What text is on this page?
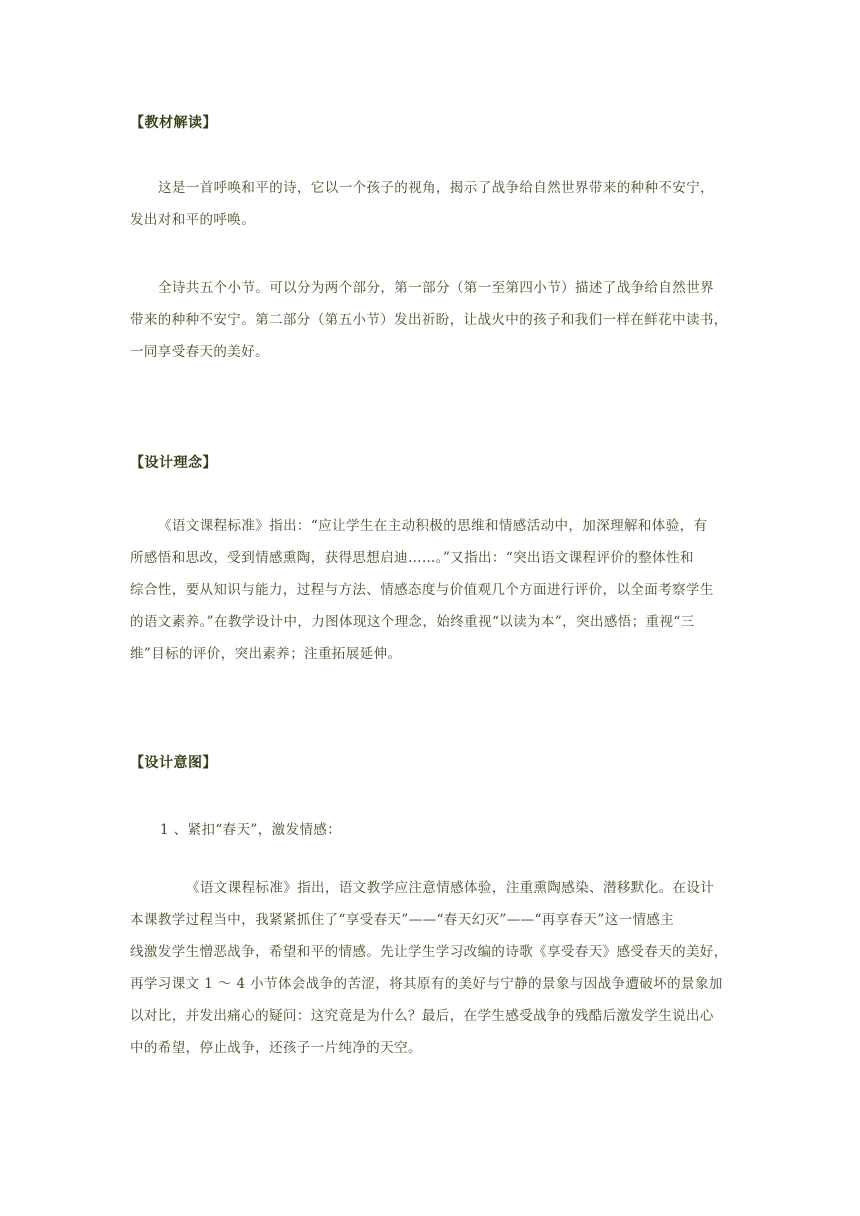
【教材解读】
这是一首呼唤和平的诗，它以一个孩子的视角，揭示了战争给自然世界带来的种种不安宁，
发出对和平的呼唤。
全诗共五个小节。可以分为两个部分，第一部分（第一至第四小节）描述了战争给自然世界
带来的种种不安宁。第二部分（第五小节）发出祈盼，让战火中的孩子和我们一样在鲜花中读书，
一同享受春天的美好。
【设计理念】
《语文课程标准》指出：“应让学生在主动积极的思维和情感活动中，加深理解和体验，有
所感悟和思改，受到情感熏陶，获得思想启迪……。”又指出：“突出语文课程评价的整体性和
综合性，要从知识与能力，过程与方法、情感态度与价值观几个方面进行评价，以全面考察学生
的语文素养。”在教学设计中，力图体现这个理念，始终重视“以读为本”，突出感悟；重视“三
维”目标的评价，突出素养；注重拓展延伸。
【设计意图】
1 、紧扣“春天”，激发情感：
《语文课程标准》指出，语文教学应注意情感体验，注重熏陶感染、潜移默化。在设计
本课教学过程当中，我紧紧抓住了“享受春天”——“春天幻灭”——“再享春天”这一情感主
线激发学生憎恶战争，希望和平的情感。先让学生学习改编的诗歌《享受春天》感受春天的美好，
再学习课文 1 ～ 4 小节体会战争的苦涩，将其原有的美好与宁静的景象与因战争遭破坏的景象加
以对比，并发出痛心的疑问：这究竟是为什么？最后，在学生感受战争的残酷后激发学生说出心
中的希望，停止战争，还孩子一片纯净的天空。
